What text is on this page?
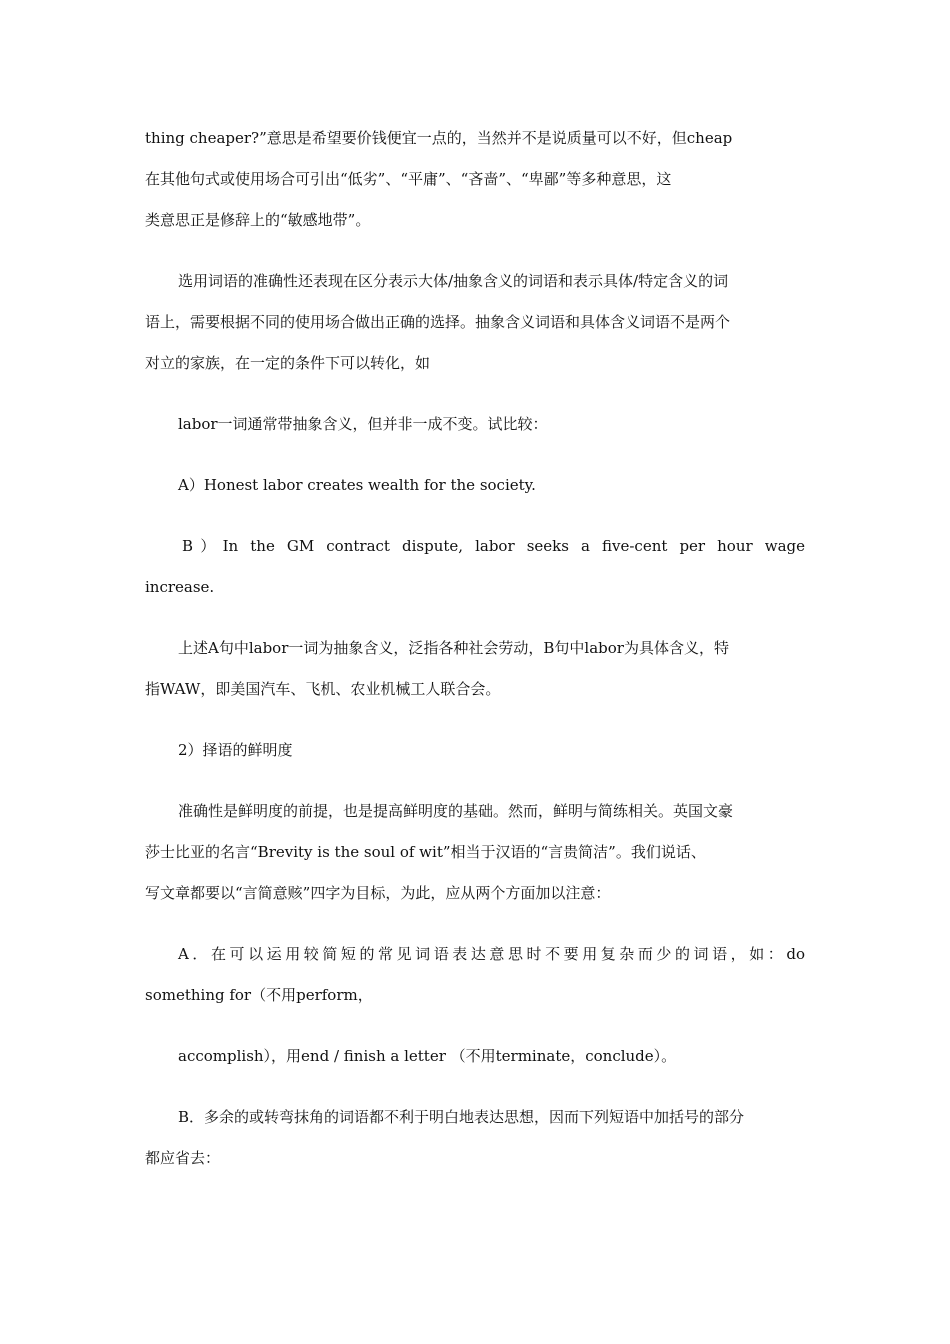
thing cheaper?”意思是希望要价钱便宜一点的，当然并不是说质量可以不好，但cheap
在其他句式或使用场合可引出“低劣”、“平庸”、“吝啬”、“卑鄙”等多种意思，这
类意思正是修辞上的“敏感地带”。
选用词语的准确性还表现在区分表示大体/抽象含义的词语和表示具体/特定含义的词
语上，需要根据不同的使用场合做出正确的选择。抽象含义词语和具体含义词语不是两个
对立的家族，在一定的条件下可以转化，如
labor一词通常带抽象含义，但并非一成不变。试比较：
A）Honest labor creates wealth for the society.
B）In the GM contract dispute, labor seeks a five-cent per hour wage
increase.
上述A句中labor一词为抽象含义，泛指各种社会劳动，B句中labor为具体含义，特
指WAW，即美国汽车、飞机、农业机械工人联合会。
2）择语的鲜明度
准确性是鲜明度的前提，也是提高鲜明度的基础。然而，鲜明与简练相关。英国文豪
莎士比亚的名言“Brevity is the soul of wit”相当于汉语的“言贵简洁”。我们说话、
写文章都要以“言简意赅”四字为目标，为此，应从两个方面加以注意：
A．在可以运用较简短的常见词语表达意思时不要用复杂而少的词语，如：do
something for（不用perform，
accomplish），用end / finish a letter （不用terminate，conclude）。
B．多余的或转弯抹角的词语都不利于明白地表达思想，因而下列短语中加括号的部分
都应省去：
